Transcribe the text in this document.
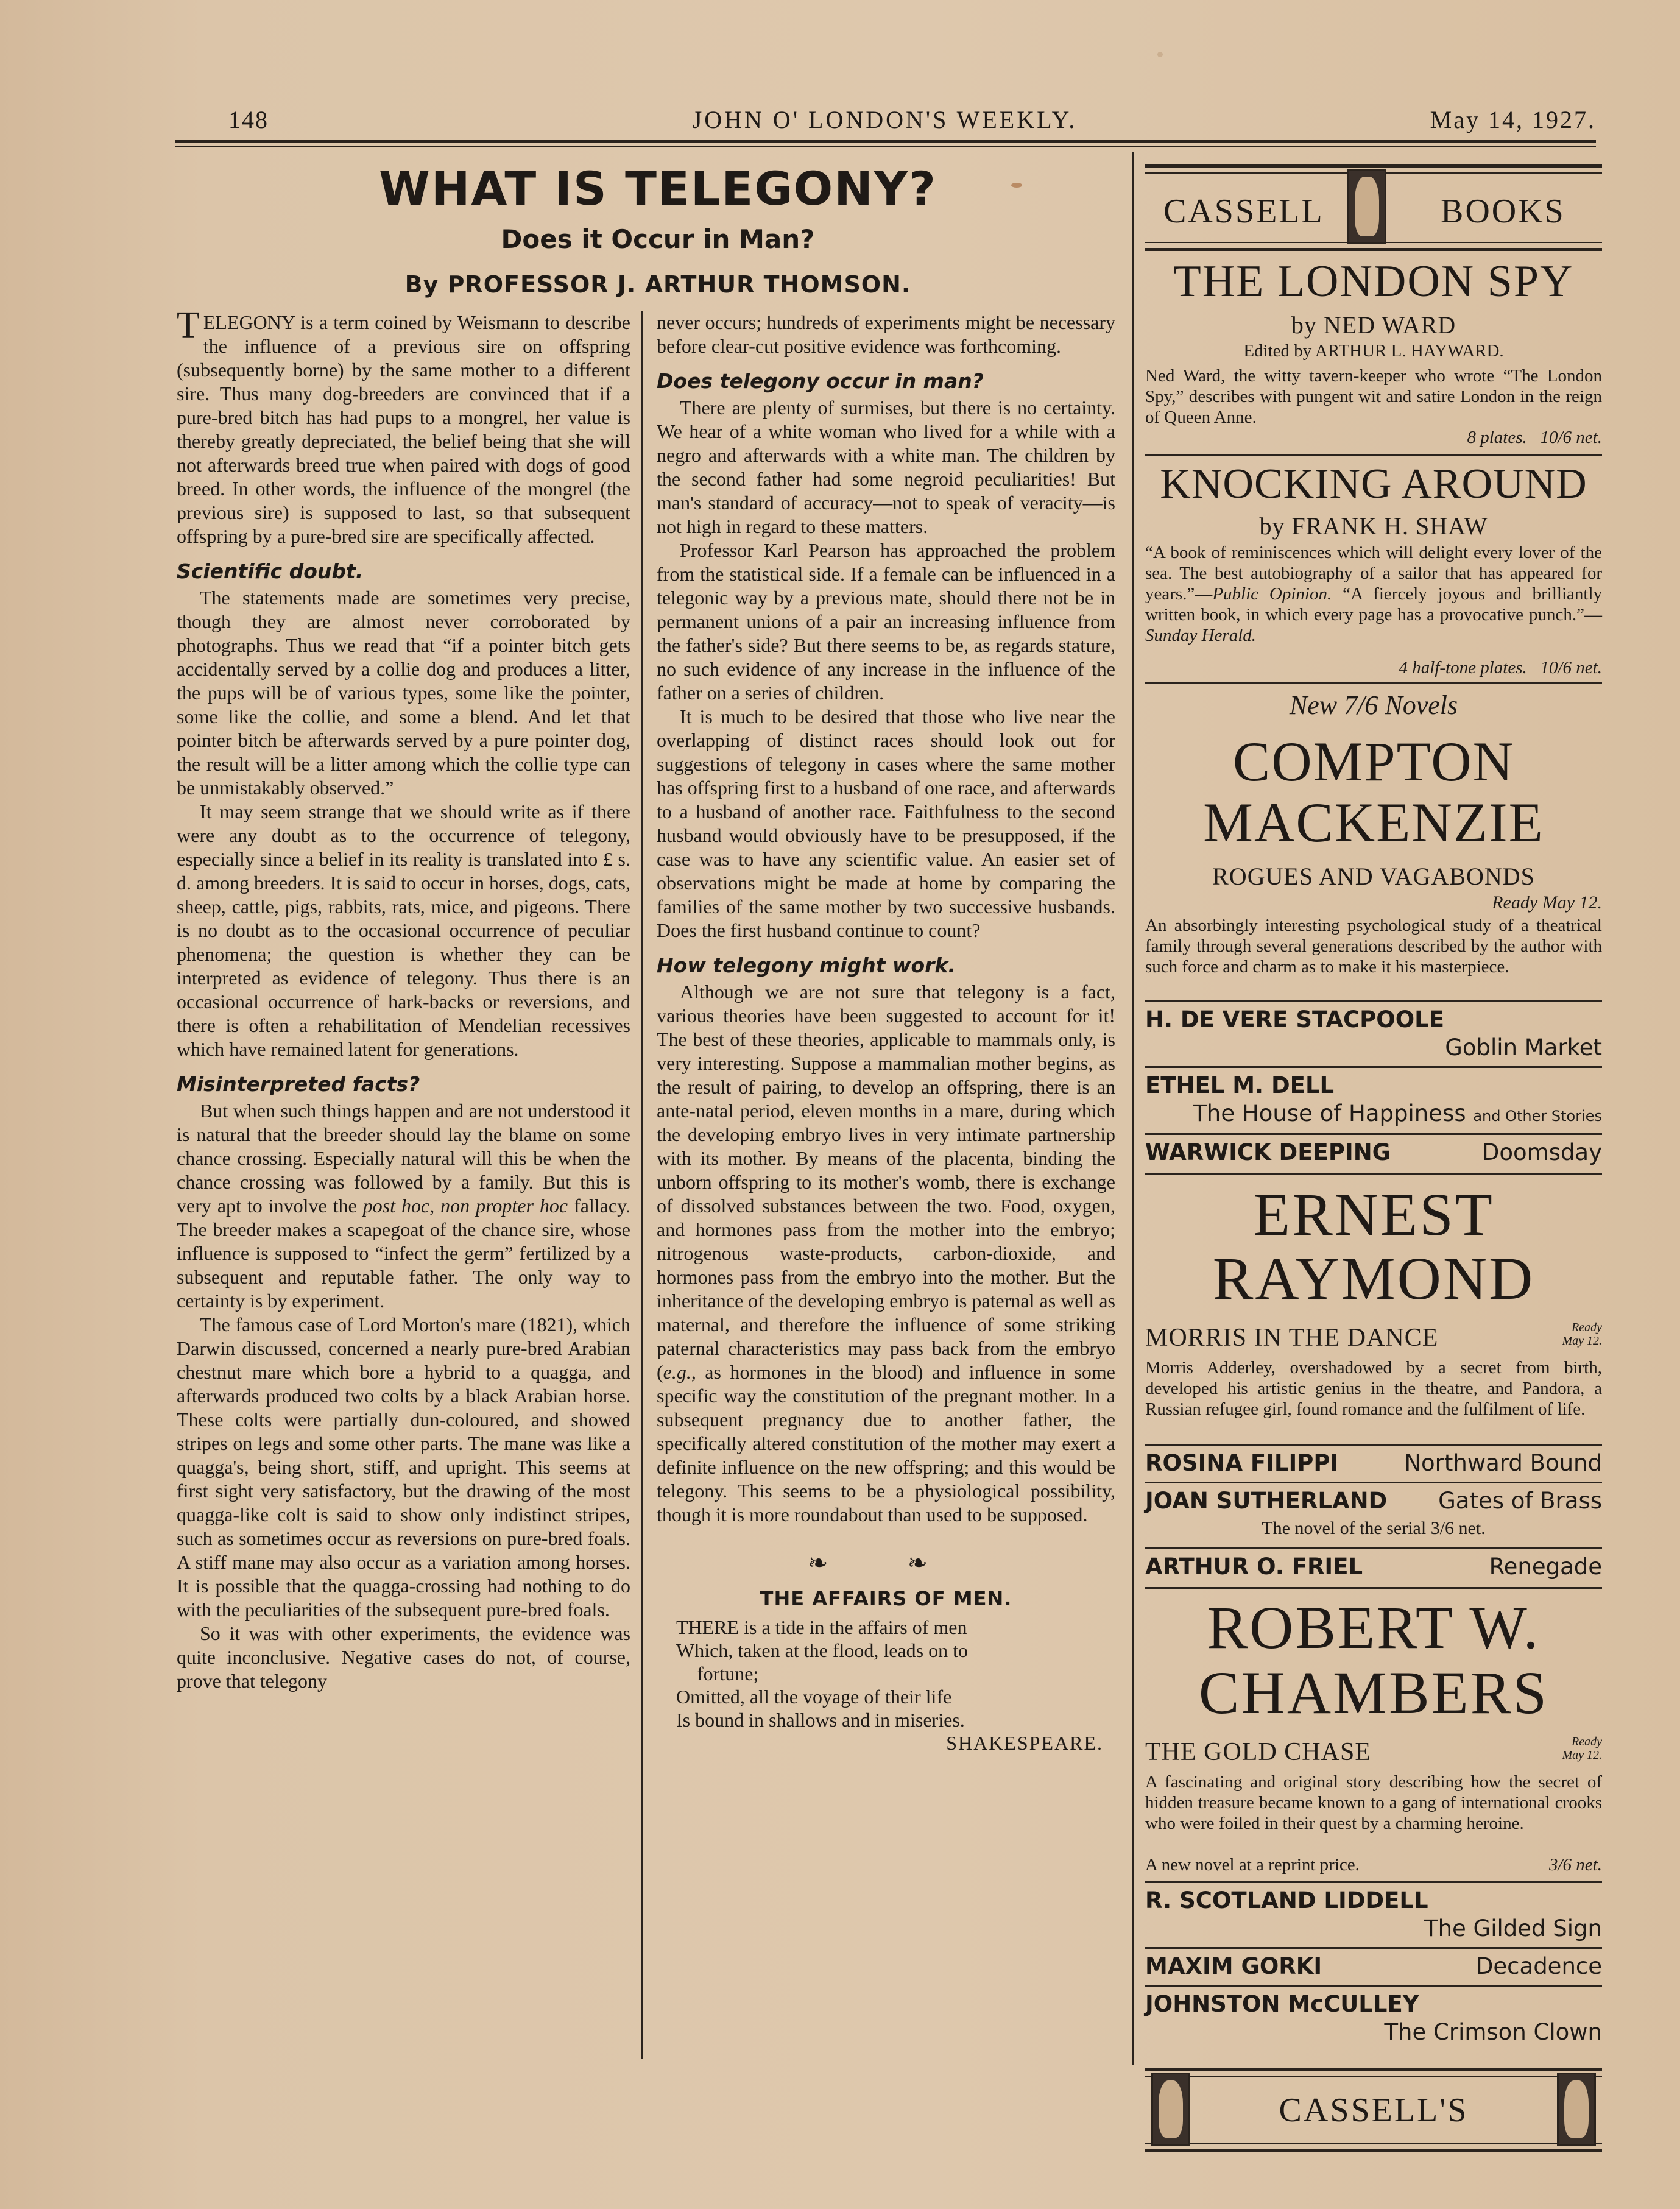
148	JOHN O' LONDON'S WEEKLY.	May 14, 1927.
WHAT IS TELEGONY?
Does it Occur in Man?
By PROFESSOR J. ARTHUR THOMSON.

TELEGONY is a term coined by Weismann to describe the influence of a previous sire on offspring (subsequently borne) by the same mother to a different sire. Thus many dog-breeders are convinced that if a pure-bred bitch has had pups to a mongrel, her value is thereby greatly depreciated, the belief being that she will not afterwards breed true when paired with dogs of good breed. In other words, the influence of the mongrel (the previous sire) is supposed to last, so that subsequent offspring by a pure-bred sire are specifically affected.

Scientific doubt.

The statements made are sometimes very precise, though they are almost never corroborated by photographs. Thus we read that “if a pointer bitch gets accidentally served by a collie dog and produces a litter, the pups will be of various types, some like the pointer, some like the collie, and some a blend. And let that pointer bitch be afterwards served by a pure pointer dog, the result will be a litter among which the collie type can be unmistakably observed.”

It may seem strange that we should write as if there were any doubt as to the occurrence of telegony, especially since a belief in its reality is translated into £ s. d. among breeders. It is said to occur in horses, dogs, cats, sheep, cattle, pigs, rabbits, rats, mice, and pigeons. There is no doubt as to the occasional occurrence of peculiar phenomena; the question is whether they can be interpreted as evidence of telegony. Thus there is an occasional occurrence of hark-backs or reversions, and there is often a rehabilitation of Mendelian recessives which have remained latent for generations.

Misinterpreted facts?

But when such things happen and are not understood it is natural that the breeder should lay the blame on some chance crossing. Especially natural will this be when the chance crossing was followed by a family. But this is very apt to involve the post hoc, non propter hoc fallacy. The breeder makes a scapegoat of the chance sire, whose influence is supposed to “infect the germ” fertilized by a subsequent and reputable father. The only way to certainty is by experiment.

The famous case of Lord Morton's mare (1821), which Darwin discussed, concerned a nearly pure-bred Arabian chestnut mare which bore a hybrid to a quagga, and afterwards produced two colts by a black Arabian horse. These colts were partially dun-coloured, and showed stripes on legs and some other parts. The mane was like a quagga's, being short, stiff, and upright. This seems at first sight very satisfactory, but the drawing of the most quagga-like colt is said to show only indistinct stripes, such as sometimes occur as reversions on pure-bred foals. A stiff mane may also occur as a variation among horses. It is possible that the quagga-crossing had nothing to do with the peculiarities of the subsequent pure-bred foals.

So it was with other experiments, the evidence was quite inconclusive. Negative cases do not, of course, prove that telegony

never occurs; hundreds of experiments might be necessary before clear-cut positive evidence was forthcoming.

Does telegony occur in man?

There are plenty of surmises, but there is no certainty. We hear of a white woman who lived for a while with a negro and afterwards with a white man. The children by the second father had some negroid peculiarities! But man's standard of accuracy—not to speak of veracity—is not high in regard to these matters.

Professor Karl Pearson has approached the problem from the statistical side. If a female can be influenced in a telegonic way by a previous mate, should there not be in permanent unions of a pair an increasing influence from the father's side? But there seems to be, as regards stature, no such evidence of any increase in the influence of the father on a series of children.

It is much to be desired that those who live near the overlapping of distinct races should look out for suggestions of telegony in cases where the same mother has offspring first to a husband of one race, and afterwards to a husband of another race. Faithfulness to the second husband would obviously have to be presupposed, if the case was to have any scientific value. An easier set of observations might be made at home by comparing the families of the same mother by two successive husbands. Does the first husband continue to count?

How telegony might work.

Although we are not sure that telegony is a fact, various theories have been suggested to account for it! The best of these theories, applicable to mammals only, is very interesting. Suppose a mammalian mother begins, as the result of pairing, to develop an offspring, there is an ante-natal period, eleven months in a mare, during which the developing embryo lives in very intimate partnership with its mother. By means of the placenta, binding the unborn offspring to its mother's womb, there is exchange of dissolved substances between the two. Food, oxygen, and hormones pass from the mother into the embryo; nitrogenous waste-products, carbon-dioxide, and hormones pass from the embryo into the mother. But the inheritance of the developing embryo is paternal as well as maternal, and therefore the influence of some striking paternal characteristics may pass back from the embryo (e.g., as hormones in the blood) and influence in some specific way the constitution of the pregnant mother. In a subsequent pregnancy due to another father, the specifically altered constitution of the mother may exert a definite influence on the new offspring; and this would be telegony. This seems to be a physiological possibility, though it is more roundabout than used to be supposed.

❧ ❧
THE AFFAIRS OF MEN.
THERE is a tide in the affairs of men
Which, taken at the flood, leads on to
fortune;
Omitted, all the voyage of their life
Is bound in shallows and in miseries.
SHAKESPEARE.
CASSELL	BOOKS
THE LONDON SPY
by NED WARD
Edited by ARTHUR L. HAYWARD.
Ned Ward, the witty tavern-keeper who wrote “The London Spy,” describes with pungent wit and satire London in the reign of Queen Anne.
8 plates. 10/6 net.
KNOCKING AROUND
by FRANK H. SHAW
“A book of reminiscences which will delight every lover of the sea. The best autobiography of a sailor that has appeared for years.”—Public Opinion. “A fiercely joyous and brilliantly written book, in which every page has a provocative punch.”—Sunday Herald.
4 half-tone plates. 10/6 net.
New 7/6 Novels
COMPTON
MACKENZIE
ROGUES AND VAGABONDS
Ready May 12.
An absorbingly interesting psychological study of a theatrical family through several generations described by the author with such force and charm as to make it his masterpiece.
H. DE VERE STACPOOLE
Goblin Market
ETHEL M. DELL
The House of Happiness and Other Stories
WARWICK DEEPING	Doomsday
ERNEST
RAYMOND
MORRIS IN THE DANCE	Ready
May 12.
Morris Adderley, overshadowed by a secret from birth, developed his artistic genius in the theatre, and Pandora, a Russian refugee girl, found romance and the fulfilment of life.
ROSINA FILIPPI	Northward Bound
JOAN SUTHERLAND	Gates of Brass
The novel of the serial 3/6 net.
ARTHUR O. FRIEL	Renegade
ROBERT W.
CHAMBERS
THE GOLD CHASE	Ready
May 12.
A fascinating and original story describing how the secret of hidden treasure became known to a gang of international crooks who were foiled in their quest by a charming heroine.
A new novel at a reprint price.	3/6 net.
R. SCOTLAND LIDDELL
The Gilded Sign
MAXIM GORKI	Decadence
JOHNSTON McCULLEY
The Crimson Clown
CASSELL'S
